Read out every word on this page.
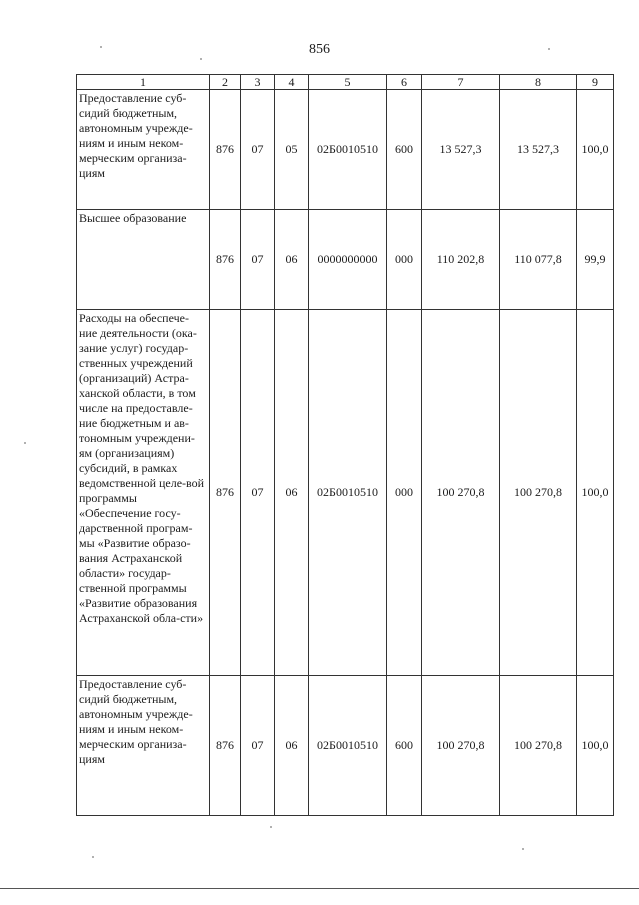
856
1	2	3	4	5	6	7	8	9
Предоставление суб-сидий бюджетным, автономным учрежде-ниям и иным неком-мерческим организа-циям	876	07	05	02Б0010510	600	13 527,3	13 527,3	100,0
Высшее образование	876	07	06	0000000000	000	110 202,8	110 077,8	99,9
Расходы на обеспече-ние деятельности (ока-зание услуг) государ-ственных учреждений (организаций) Астра-ханской области, в том числе на предоставле-ние бюджетным и ав-тономным учреждени-ям (организациям) субсидий, в рамках ведомственной целе-вой программы «Обеспечение госу-дарственной програм-мы «Развитие образо-вания Астраханской области» государ-ственной программы «Развитие образования Астраханской обла-сти»	876	07	06	02Б0010510	000	100 270,8	100 270,8	100,0
Предоставление суб-сидий бюджетным, автономным учрежде-ниям и иным неком-мерческим организа-циям	876	07	06	02Б0010510	600	100 270,8	100 270,8	100,0
